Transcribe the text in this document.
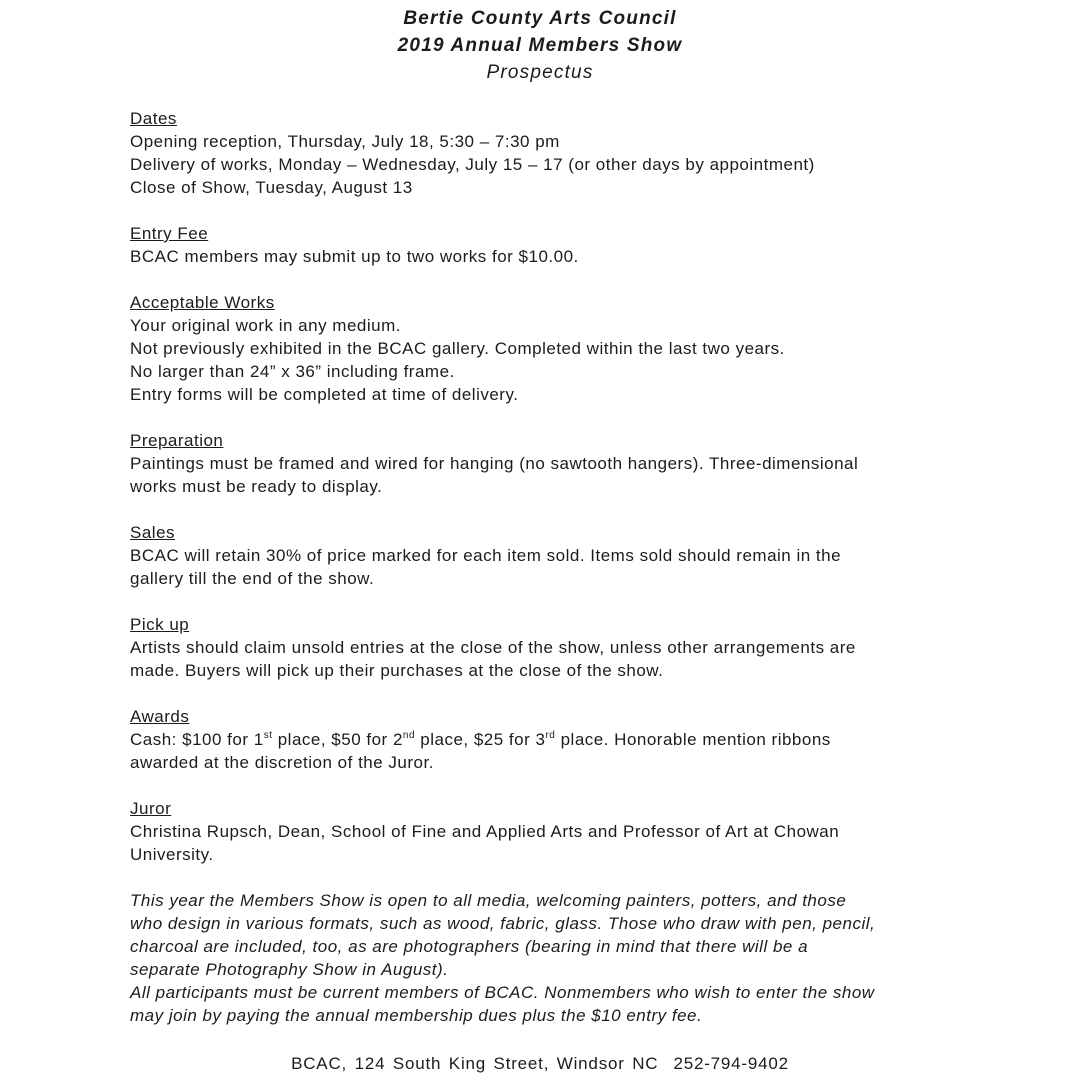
Bertie County Arts Council
2019 Annual Members Show
Prospectus
Dates
Opening reception, Thursday, July 18, 5:30 – 7:30 pm
Delivery of works, Monday – Wednesday, July 15 – 17 (or other days by appointment)
Close of Show, Tuesday, August 13
Entry Fee
BCAC members may submit up to two works for $10.00.
Acceptable Works
Your original work in any medium.
Not previously exhibited in the BCAC gallery. Completed within the last two years.
No larger than 24” x 36” including frame.
Entry forms will be completed at time of delivery.
Preparation
Paintings must be framed and wired for hanging (no sawtooth hangers). Three-dimensional
works must be ready to display.
Sales
BCAC will retain 30% of price marked for each item sold. Items sold should remain in the
gallery till the end of the show.
Pick up
Artists should claim unsold entries at the close of the show, unless other arrangements are
made. Buyers will pick up their purchases at the close of the show.
Awards
Cash: $100 for 1st place, $50 for 2nd place, $25 for 3rd place. Honorable mention ribbons
awarded at the discretion of the Juror.
Juror
Christina Rupsch, Dean, School of Fine and Applied Arts and Professor of Art at Chowan
University.
This year the Members Show is open to all media, welcoming painters, potters, and those
who design in various formats, such as wood, fabric, glass. Those who draw with pen, pencil,
charcoal are included, too, as are photographers (bearing in mind that there will be a
separate Photography Show in August).
All participants must be current members of BCAC. Nonmembers who wish to enter the show
may join by paying the annual membership dues plus the $10 entry fee.
BCAC, 124 South King Street, Windsor NC 252-794-9402
